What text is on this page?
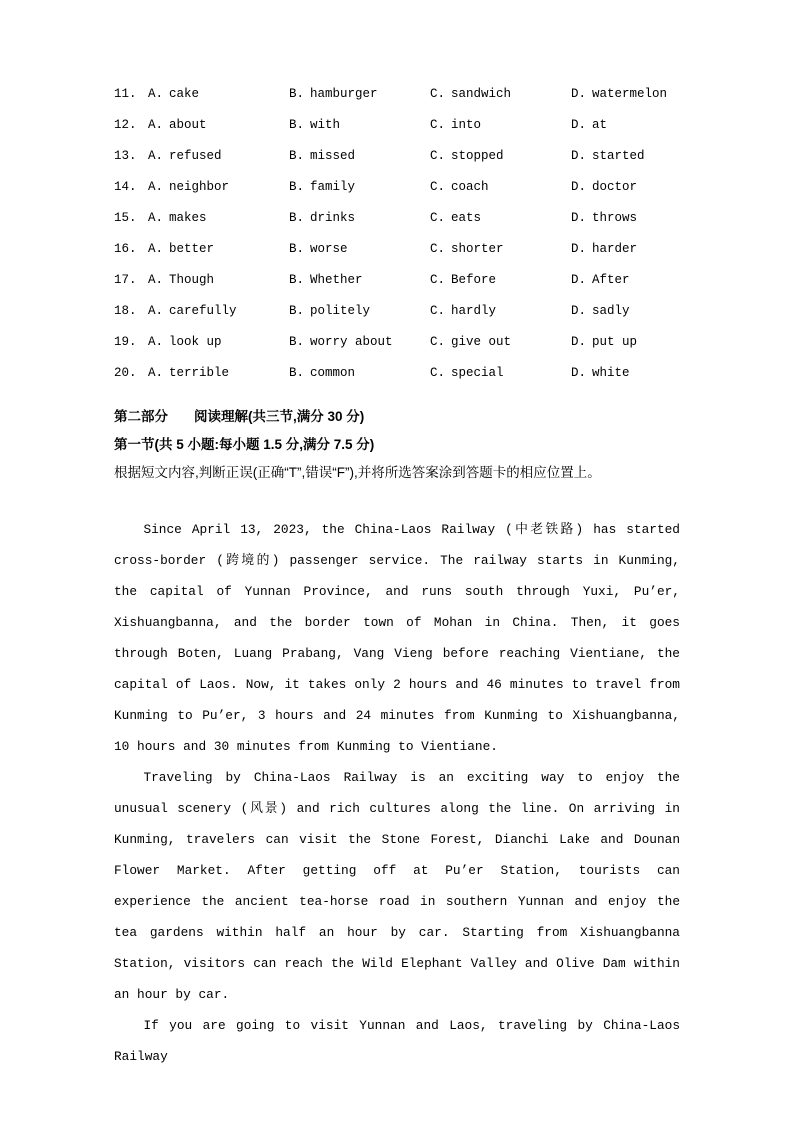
11. A. cake	B. hamburger	C. sandwich	D. watermelon
12. A. about	B. with	C. into	D. at
13. A. refused	B. missed	C. stopped	D. started
14. A. neighbor	B. family	C. coach	D. doctor
15. A. makes	B. drinks	C. eats	D. throws
16. A. better	B. worse	C. shorter	D. harder
17. A. Though	B. Whether	C. Before	D. After
18. A. carefully	B. politely	C. hardly	D. sadly
19. A. look up	B. worry about	C. give out	D. put up
20. A. terrible	B. common	C. special	D. white
第二部分 阅读理解(共三节,满分 30 分)
第一节(共 5 小题:每小题 1.5 分,满分 7.5 分)
根据短文内容,判断正误(正确“T”,错误“F”),并将所选答案涂到答题卡的相应位置上。

Since April 13, 2023, the China-Laos Railway (中老铁路) has started cross-border (跨境的) passenger service. The railway starts in Kunming, the capital of Yunnan Province, and runs south through Yuxi, Pu’er, Xishuangbanna, and the border town of Mohan in China. Then, it goes through Boten, Luang Prabang, Vang Vieng before reaching Vientiane, the capital of Laos. Now, it takes only 2 hours and 46 minutes to travel from Kunming to Pu’er, 3 hours and 24 minutes from Kunming to Xishuangbanna, 10 hours and 30 minutes from Kunming to Vientiane.

Traveling by China-Laos Railway is an exciting way to enjoy the unusual scenery (风景) and rich cultures along the line. On arriving in Kunming, travelers can visit the Stone Forest, Dianchi Lake and Dounan Flower Market. After getting off at Pu’er Station, tourists can experience the ancient tea-horse road in southern Yunnan and enjoy the tea gardens within half an hour by car. Starting from Xishuangbanna Station, visitors can reach the Wild Elephant Valley and Olive Dam within an hour by car.

If you are going to visit Yunnan and Laos, traveling by China-Laos Railway
